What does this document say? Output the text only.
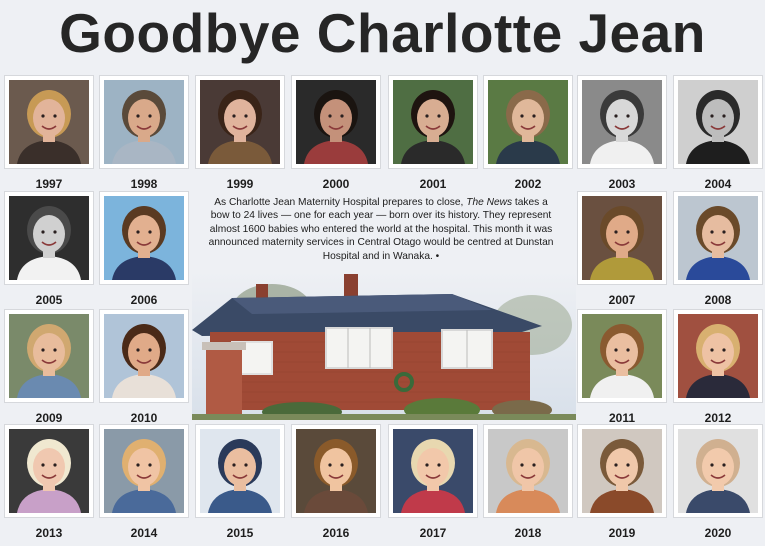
Goodbye Charlotte Jean
1997	1998	1999	2000	2001	2002	2003	2004
2005	2006	2007	2008
2009	2010	2011	2012
2013	2014	2015	2016	2017	2018	2019	2020
As Charlotte Jean Maternity Hospital prepares to close, The News takes a bow to 24 lives — one for each year — born over its history. They represent almost 1600 babies who entered the world at the hospital. This month it was announced maternity services in Central Otago would be centred at Dunstan Hospital and in Wanaka. •
